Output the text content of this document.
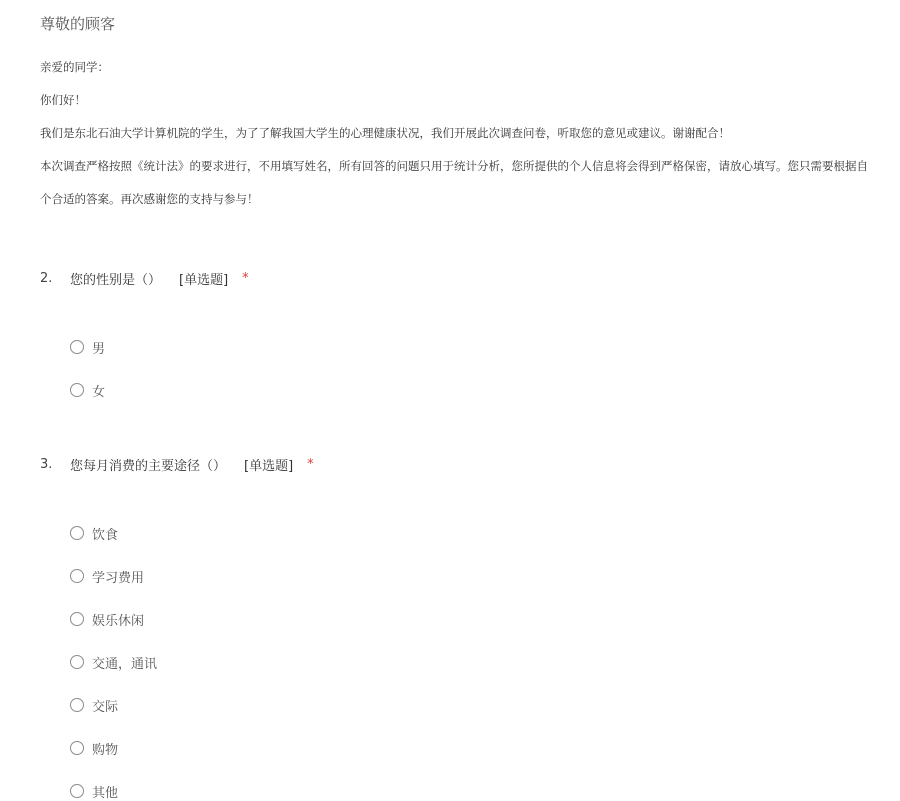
尊敬的顾客
亲爱的同学：
你们好！
我们是东北石油大学计算机院的学生，为了了解我国大学生的心理健康状况，我们开展此次调查问卷，听取您的意见或建议。谢谢配合！
本次调查严格按照《统计法》的要求进行，不用填写姓名，所有回答的问题只用于统计分析，您所提供的个人信息将会得到严格保密，请放心填写。您只需要根据自
个合适的答案。再次感谢您的支持与参与！
2.	您的性别是（） [单选题] *
男
女
3.	您每月消费的主要途径（） [单选题] *
饮食
学习费用
娱乐休闲
交通，通讯
交际
购物
其他
